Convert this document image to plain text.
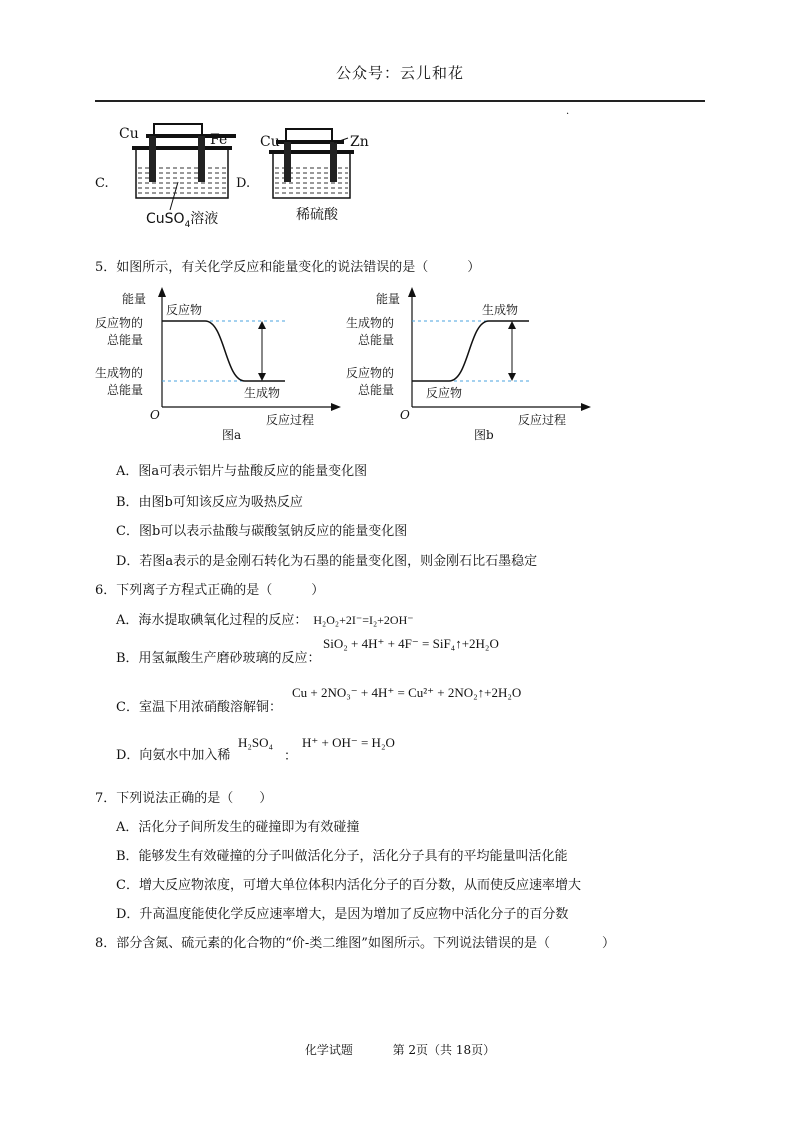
公众号：云儿和花
.
C.
Cu	Fe
CuSO$_4$溶液
D.
Cu	Zn
稀硫酸
5．如图所示，有关化学反应和能量变化的说法错误的是（　　　）
能量
反应物的
总能量
生成物的
总能量
反应物
生成物
O	反应过程
图a
能量
生成物的
总能量
反应物的
总能量	反应物
生成物
O	反应过程
图b
A．图a可表示铝片与盐酸反应的能量变化图
B．由图b可知该反应为吸热反应
C．图b可以表示盐酸与碳酸氢钠反应的能量变化图
D．若图a表示的是金刚石转化为石墨的能量变化图，则金刚石比石墨稳定
6．下列离子方程式正确的是（　　　）
A．海水提取碘氧化过程的反应： H₂O₂+2I⁻=I₂+2OH⁻
B．用氢氟酸生产磨砂玻璃的反应：
SiO₂ + 4H⁺ + 4F⁻ = SiF₄↑+2H₂O
C．室温下用浓硝酸溶解铜：
Cu + 2NO₃⁻ + 4H⁺ = Cu²⁺ + 2NO₂↑+2H₂O
D．向氨水中加入稀
H₂SO₄
：
H⁺ + OH⁻ = H₂O
7．下列说法正确的是（　　）
A．活化分子间所发生的碰撞即为有效碰撞
B．能够发生有效碰撞的分子叫做活化分子，活化分子具有的平均能量叫活化能
C．增大反应物浓度，可增大单位体积内活化分子的百分数，从而使反应速率增大
D．升高温度能使化学反应速率增大，是因为增加了反应物中活化分子的百分数
8．部分含氮、硫元素的化合物的“价-类二维图”如图所示。下列说法错误的是（　　　　）
化学试题	第 2页（共 18页）
